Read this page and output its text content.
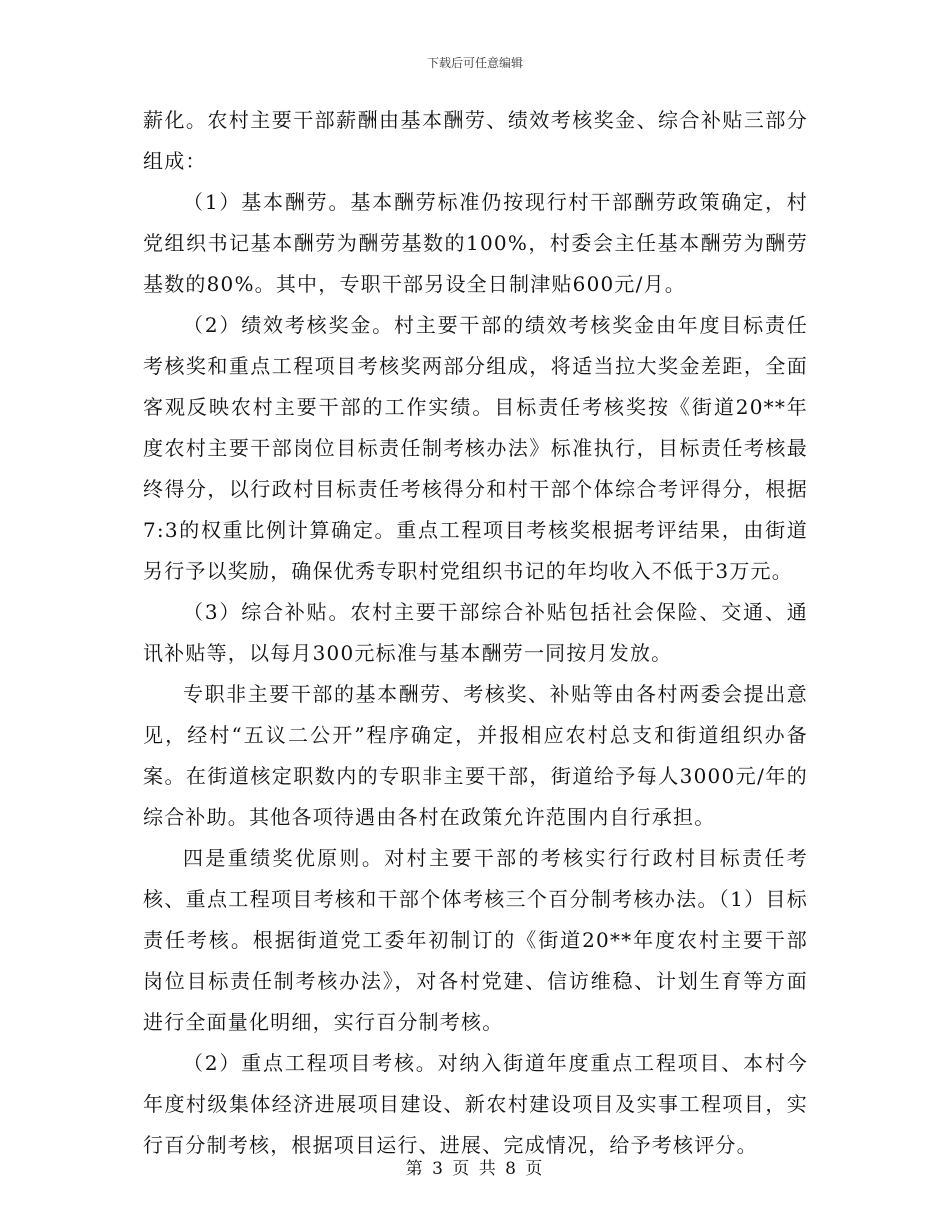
下载后可任意编辑

薪化。农村主要干部薪酬由基本酬劳、绩效考核奖金、综合补贴三部分组成：

（1）基本酬劳。基本酬劳标准仍按现行村干部酬劳政策确定，村党组织书记基本酬劳为酬劳基数的100%，村委会主任基本酬劳为酬劳基数的80%。其中，专职干部另设全日制津贴600元/月。

（2）绩效考核奖金。村主要干部的绩效考核奖金由年度目标责任考核奖和重点工程项目考核奖两部分组成，将适当拉大奖金差距，全面客观反映农村主要干部的工作实绩。目标责任考核奖按《街道20**年度农村主要干部岗位目标责任制考核办法》标准执行，目标责任考核最终得分，以行政村目标责任考核得分和村干部个体综合考评得分，根据7:3的权重比例计算确定。重点工程项目考核奖根据考评结果，由街道另行予以奖励，确保优秀专职村党组织书记的年均收入不低于3万元。

（3）综合补贴。农村主要干部综合补贴包括社会保险、交通、通讯补贴等，以每月300元标准与基本酬劳一同按月发放。

专职非主要干部的基本酬劳、考核奖、补贴等由各村两委会提出意见，经村“五议二公开”程序确定，并报相应农村总支和街道组织办备案。在街道核定职数内的专职非主要干部，街道给予每人3000元/年的综合补助。其他各项待遇由各村在政策允许范围内自行承担。

四是重绩奖优原则。对村主要干部的考核实行行政村目标责任考核、重点工程项目考核和干部个体考核三个百分制考核办法。（1）目标责任考核。根据街道党工委年初制订的《街道20**年度农村主要干部岗位目标责任制考核办法》，对各村党建、信访维稳、计划生育等方面进行全面量化明细，实行百分制考核。

（2）重点工程项目考核。对纳入街道年度重点工程项目、本村今年度村级集体经济进展项目建设、新农村建设项目及实事工程项目，实行百分制考核，根据项目运行、进展、完成情况，给予考核评分。

第 3 页 共 8 页
